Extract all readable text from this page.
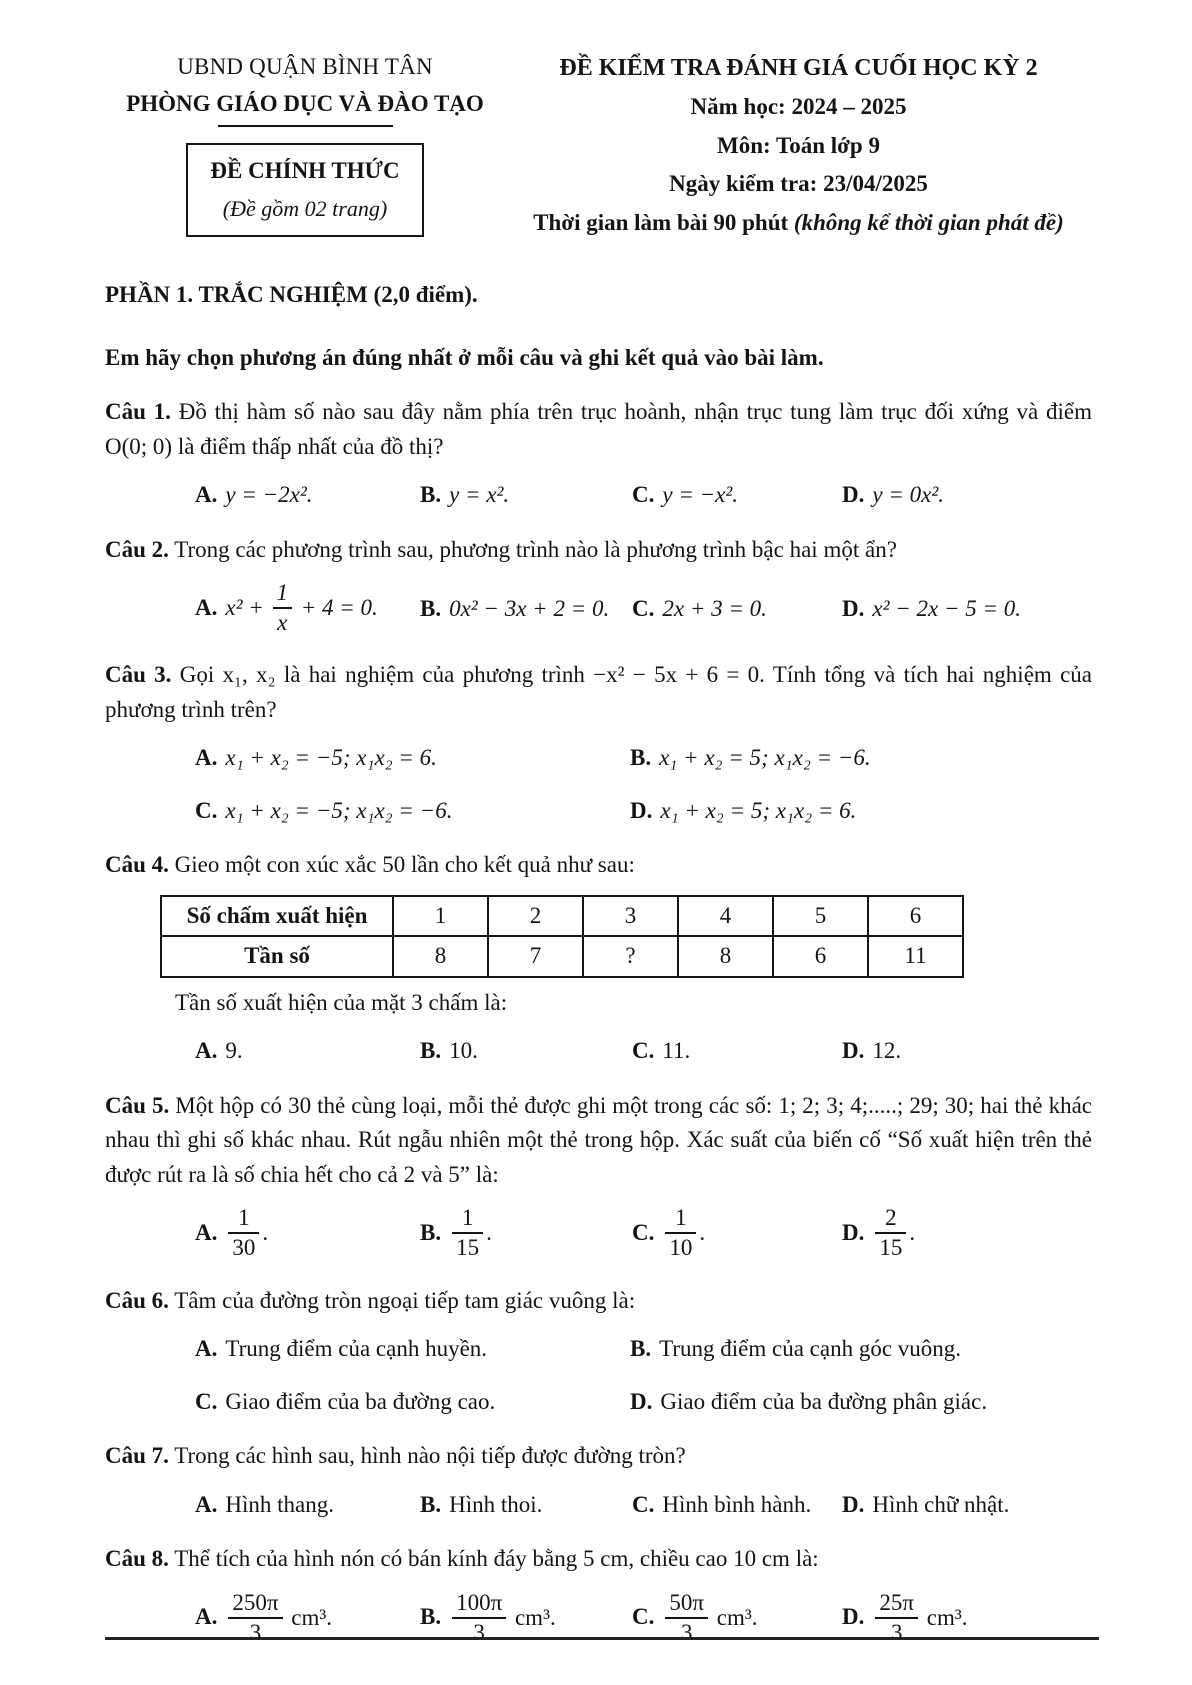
UBND QUẬN BÌNH TÂN
PHÒNG GIÁO DỤC VÀ ĐÀO TẠO
ĐỀ CHÍNH THỨC
(Đề gồm 02 trang)
ĐỀ KIỂM TRA ĐÁNH GIÁ CUỐI HỌC KỲ 2
Năm học: 2024 – 2025
Môn: Toán lớp 9
Ngày kiểm tra: 23/04/2025
Thời gian làm bài 90 phút (không kể thời gian phát đề)
PHẦN 1. TRẮC NGHIỆM (2,0 điểm).
Em hãy chọn phương án đúng nhất ở mỗi câu và ghi kết quả vào bài làm.

Câu 1. Đồ thị hàm số nào sau đây nằm phía trên trục hoành, nhận trục tung làm trục đối xứng và điểm O(0; 0) là điểm thấp nhất của đồ thị?

A. y = −2x².	B. y = x².	C. y = −x².	D. y = 0x².

Câu 2. Trong các phương trình sau, phương trình nào là phương trình bậc hai một ẩn?

A. $x^2 + \frac{1}{x} + 4 = 0$.	B. 0x² − 3x + 2 = 0. C. 2x + 3 = 0.	D. x² − 2x − 5 = 0.

Câu 3. Gọi x₁, x₂ là hai nghiệm của phương trình −x² − 5x + 6 = 0. Tính tổng và tích hai nghiệm của phương trình trên?

A. x₁ + x₂ = −5; x₁x₂ = 6.	B. x₁ + x₂ = 5; x₁x₂ = −6.
C. x₁ + x₂ = −5; x₁x₂ = −6.	D. x₁ + x₂ = 5; x₁x₂ = 6.

Câu 4. Gieo một con xúc xắc 50 lần cho kết quả như sau:

Số chấm xuất hiện	1	2	3	4	5	6
Tần số	8	7	?	8	6	11
Tần số xuất hiện của mặt 3 chấm là:
A. 9.	B. 10.	C. 11.	D. 12.

Câu 5. Một hộp có 30 thẻ cùng loại, mỗi thẻ được ghi một trong các số: 1; 2; 3; 4;.....; 29; 30; hai thẻ khác nhau thì ghi số khác nhau. Rút ngẫu nhiên một thẻ trong hộp. Xác suất của biến cố “Số xuất hiện trên thẻ được rút ra là số chia hết cho cả 2 và 5” là:

A. $\frac{1}{30}$ .	B. $\frac{1}{15}$ .	C. $\frac{1}{10}$ .	D. $\frac{2}{15}$ .

Câu 6. Tâm của đường tròn ngoại tiếp tam giác vuông là:

A. Trung điểm của cạnh huyền.	B. Trung điểm của cạnh góc vuông.
C. Giao điểm của ba đường cao.	D. Giao điểm của ba đường phân giác.

Câu 7. Trong các hình sau, hình nào nội tiếp được đường tròn?

A. Hình thang.	B. Hình thoi.	C. Hình bình hành.	D. Hình chữ nhật.

Câu 8. Thể tích của hình nón có bán kính đáy bằng 5 cm, chiều cao 10 cm là:

A. $\frac{250\pi}{3} cm^3$.	B. $\frac{100\pi}{3} cm^3$.	C. $\frac{50\pi}{3} cm^3$.	D. $\frac{25\pi}{3} cm^3$.
